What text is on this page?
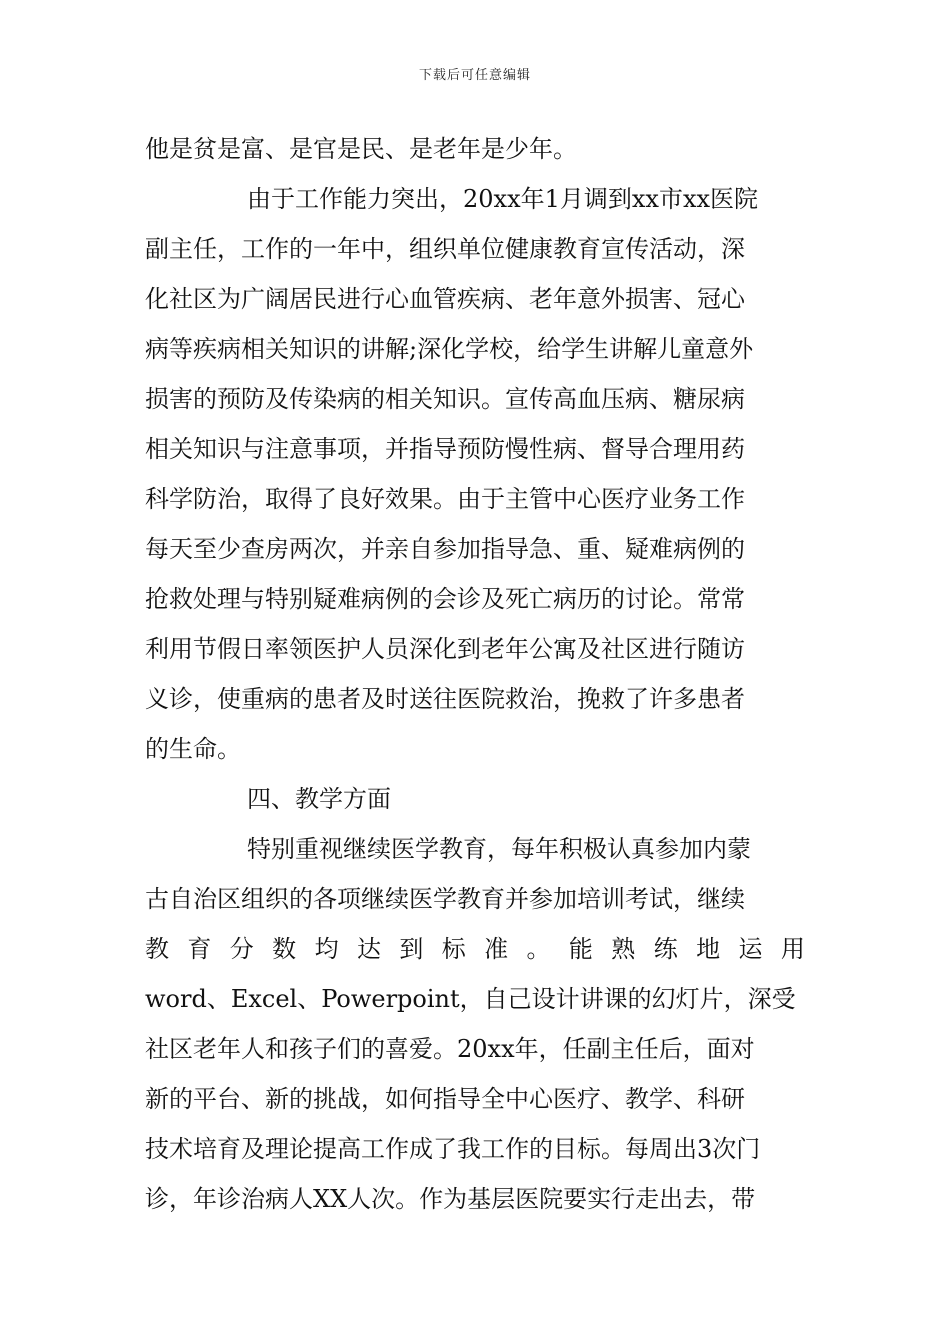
下载后可任意编辑
他是贫是富、是官是民、是老年是少年。
由于工作能力突出，20xx年1月调到xx市xx医院
副主任，工作的一年中，组织单位健康教育宣传活动，深
化社区为广阔居民进行心血管疾病、老年意外损害、冠心
病等疾病相关知识的讲解;深化学校，给学生讲解儿童意外
损害的预防及传染病的相关知识。宣传高血压病、糖尿病
相关知识与注意事项，并指导预防慢性病、督导合理用药
科学防治，取得了良好效果。由于主管中心医疗业务工作
每天至少查房两次，并亲自参加指导急、重、疑难病例的
抢救处理与特别疑难病例的会诊及死亡病历的讨论。常常
利用节假日率领医护人员深化到老年公寓及社区进行随访
义诊，使重病的患者及时送往医院救治，挽救了许多患者
的生命。
四、教学方面
特别重视继续医学教育，每年积极认真参加内蒙
古自治区组织的各项继续医学教育并参加培训考试，继续
教 育 分 数 均 达 到 标 准 。 能 熟 练 地 运 用
word、Excel、Powerpoint，自己设计讲课的幻灯片，深受
社区老年人和孩子们的喜爱。20xx年，任副主任后，面对
新的平台、新的挑战，如何指导全中心医疗、教学、科研
技术培育及理论提高工作成了我工作的目标。每周出3次门
诊，年诊治病人XX人次。作为基层医院要实行走出去，带
